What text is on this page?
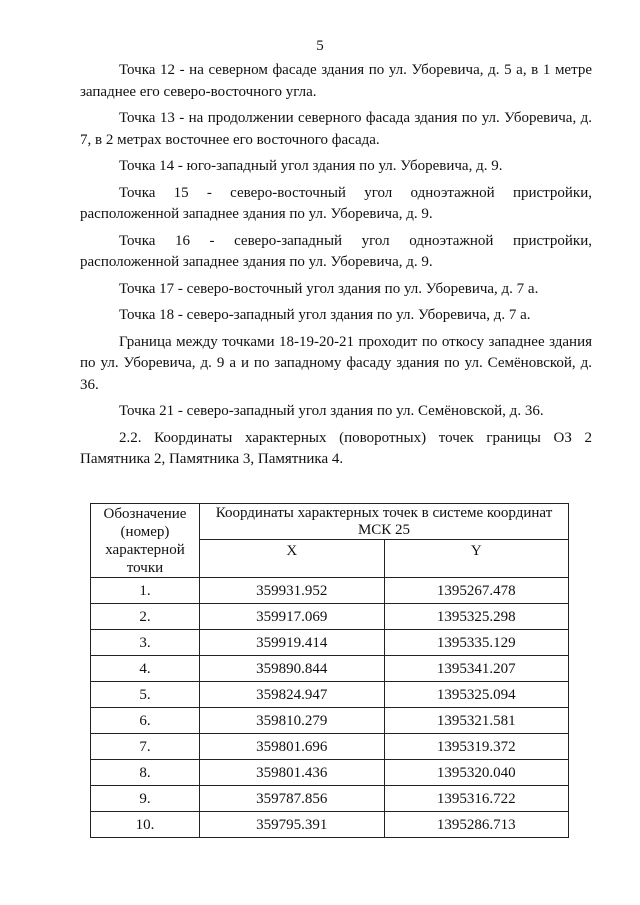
5

Точка 12 - на северном фасаде здания по ул. Уборевича, д. 5 а, в 1 метре западнее его северо-восточного угла.

Точка 13 - на продолжении северного фасада здания по ул. Уборевича, д. 7, в 2 метрах восточнее его восточного фасада.

Точка 14 - юго-западный угол здания по ул. Уборевича, д. 9.

Точка 15 - северо-восточный угол одноэтажной пристройки, расположенной западнее здания по ул. Уборевича, д. 9.

Точка 16 - северо-западный угол одноэтажной пристройки, расположенной западнее здания по ул. Уборевича, д. 9.

Точка 17 - северо-восточный угол здания по ул. Уборевича, д. 7 а.

Точка 18 - северо-западный угол здания по ул. Уборевича, д. 7 а.

Граница между точками 18-19-20-21 проходит по откосу западнее здания по ул. Уборевича, д. 9 а и по западному фасаду здания по ул. Семёновской, д. 36.

Точка 21 - северо-западный угол здания по ул. Семёновской, д. 36.

2.2. Координаты характерных (поворотных) точек границы ОЗ 2 Памятника 2, Памятника 3, Памятника 4.

Обозначение (номер) характерной точки	Координаты характерных точек в системе координат МСК 25	
	X	Y
1.	359931.952	1395267.478
2.	359917.069	1395325.298
3.	359919.414	1395335.129
4.	359890.844	1395341.207
5.	359824.947	1395325.094
6.	359810.279	1395321.581
7.	359801.696	1395319.372
8.	359801.436	1395320.040
9.	359787.856	1395316.722
10.	359795.391	1395286.713
